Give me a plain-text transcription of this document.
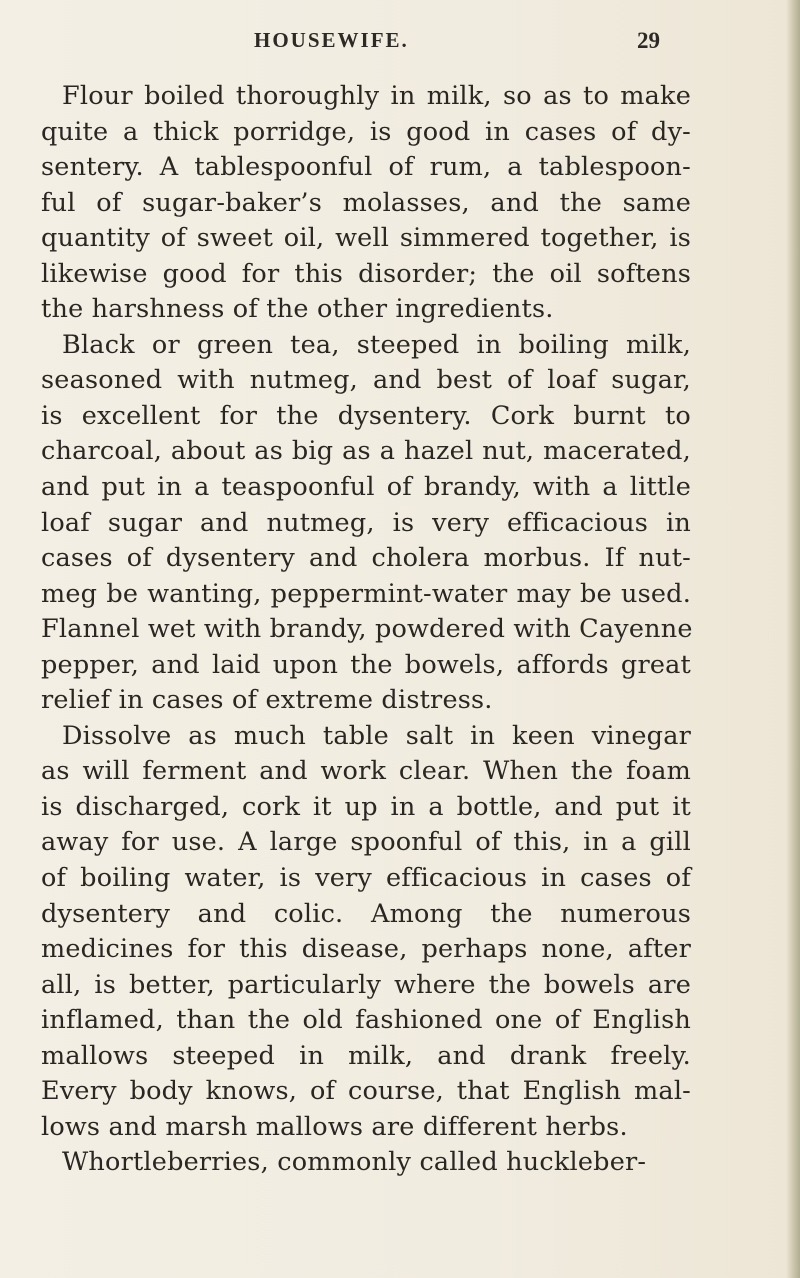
HOUSEWIFE.	29
Flour boiled thoroughly in milk, so as to make
quite a thick porridge, is good in cases of dy-
sentery. A tablespoonful of rum, a tablespoon-
ful of sugar-baker’s molasses, and the same
quantity of sweet oil, well simmered together, is
likewise good for this disorder; the oil softens
the harshness of the other ingredients.
Black or green tea, steeped in boiling milk,
seasoned with nutmeg, and best of loaf sugar,
is excellent for the dysentery. Cork burnt to
charcoal, about as big as a hazel nut, macerated,
and put in a teaspoonful of brandy, with a little
loaf sugar and nutmeg, is very efficacious in
cases of dysentery and cholera morbus. If nut-
meg be wanting, peppermint-water may be used.
Flannel wet with brandy, powdered with Cayenne
pepper, and laid upon the bowels, affords great
relief in cases of extreme distress.
Dissolve as much table salt in keen vinegar
as will ferment and work clear. When the foam
is discharged, cork it up in a bottle, and put it
away for use. A large spoonful of this, in a gill
of boiling water, is very efficacious in cases of
dysentery and colic. Among the numerous
medicines for this disease, perhaps none, after
all, is better, particularly where the bowels are
inflamed, than the old fashioned one of English
mallows steeped in milk, and drank freely.
Every body knows, of course, that English mal-
lows and marsh mallows are different herbs.
Whortleberries, commonly called huckleber-
